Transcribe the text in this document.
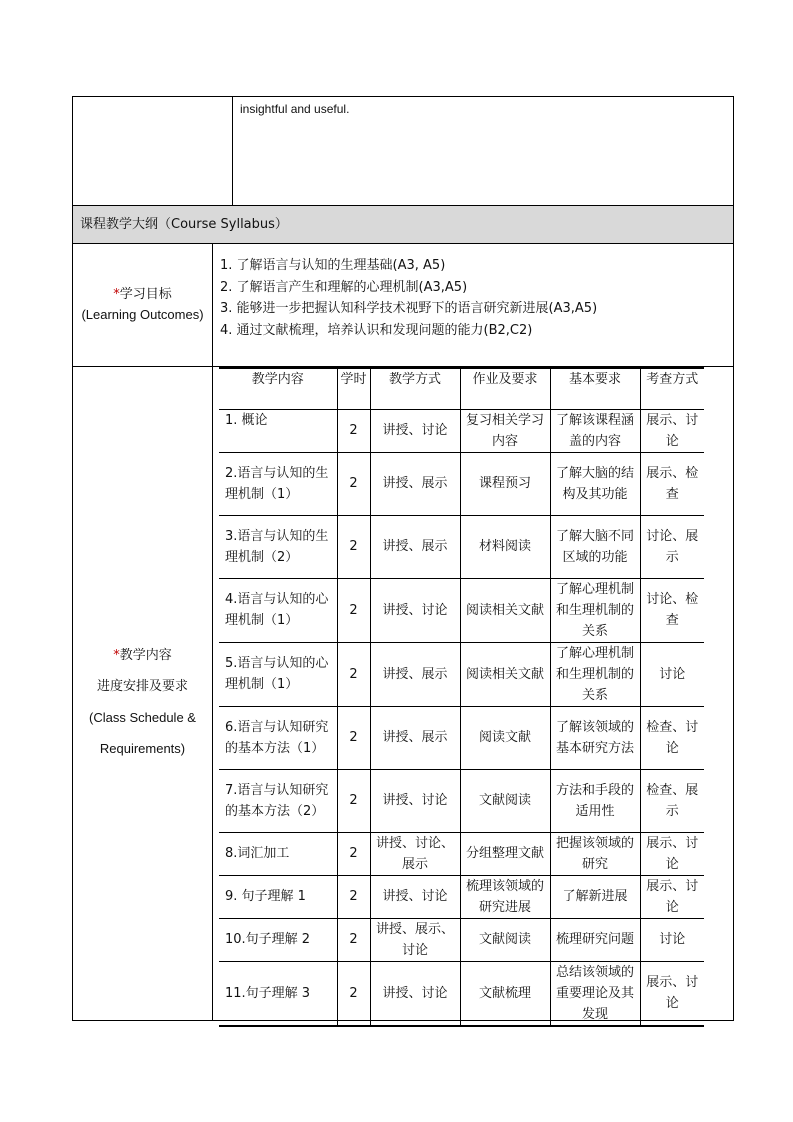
insightful and useful.
课程教学大纲（Course Syllabus）
*学习目标
(Learning Outcomes)
1. 了解语言与认知的生理基础(A3, A5)
2. 了解语言产生和理解的心理机制(A3,A5)
3. 能够进一步把握认知科学技术视野下的语言研究新进展(A3,A5)
4. 通过文献梳理，培养认识和发现问题的能力(B2,C2)
*教学内容
进度安排及要求
(Class Schedule &
Requirements)
教学内容	学时	教学方式	作业及要求	基本要求	考查方式
1. 概论	2	讲授、讨论	复习相关学习内容	了解该课程涵盖的内容	展示、讨论
2.语言与认知的生理机制（1）	2	讲授、展示	课程预习	了解大脑的结构及其功能	展示、检查
3.语言与认知的生理机制（2）	2	讲授、展示	材料阅读	了解大脑不同区域的功能	讨论、展示
4.语言与认知的心理机制（1）	2	讲授、讨论	阅读相关文献	了解心理机制和生理机制的关系	讨论、检查
5.语言与认知的心理机制（1）	2	讲授、展示	阅读相关文献	了解心理机制和生理机制的关系	讨论
6.语言与认知研究的基本方法（1）	2	讲授、展示	阅读文献	了解该领域的基本研究方法	检查、讨论
7.语言与认知研究的基本方法（2）	2	讲授、讨论	文献阅读	方法和手段的适用性	检查、展示
8.词汇加工	2	讲授、讨论、展示	分组整理文献	把握该领域的研究	展示、讨论
9. 句子理解 1	2	讲授、讨论	梳理该领域的研究进展	了解新进展	展示、讨论
10.句子理解 2	2	讲授、展示、讨论	文献阅读	梳理研究问题	讨论
11.句子理解 3	2	讲授、讨论	文献梳理	总结该领域的重要理论及其发现	展示、讨论
